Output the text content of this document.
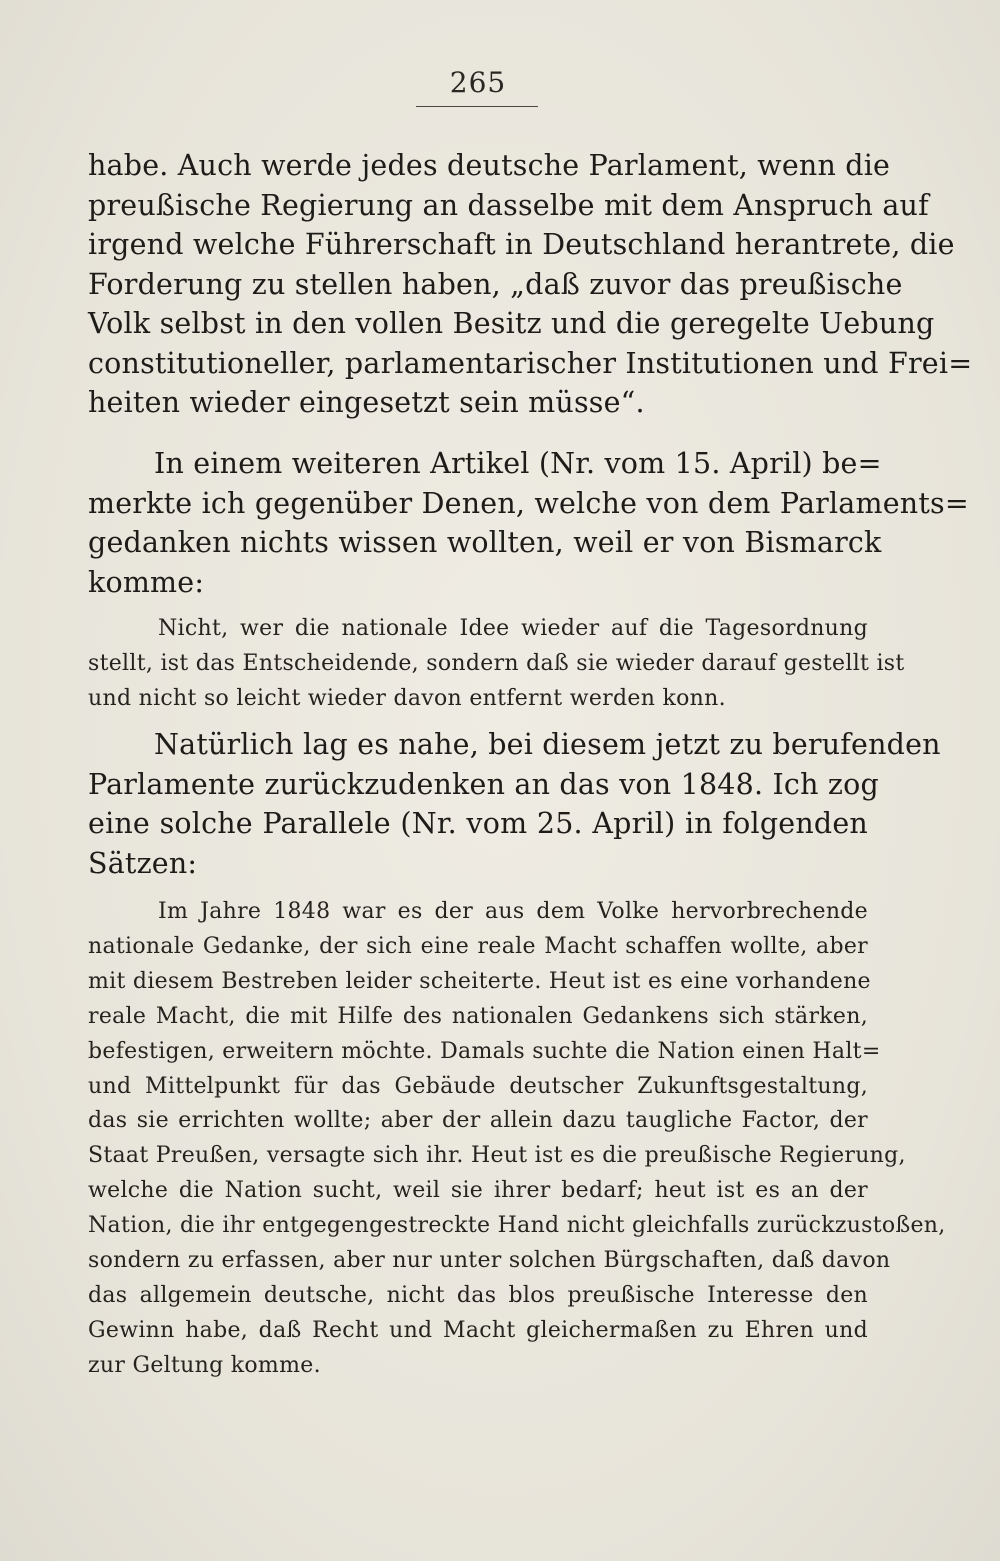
265
habe. Auch werde jedes deutsche Parlament, wenn die
preußische Regierung an dasselbe mit dem Anspruch auf
irgend welche Führerschaft in Deutschland herantrete, die
Forderung zu stellen haben, „daß zuvor das preußische
Volk selbst in den vollen Besitz und die geregelte Uebung
constitutioneller, parlamentarischer Institutionen und Frei=
heiten wieder eingesetzt sein müsse“.
In einem weiteren Artikel (Nr. vom 15. April) be=
merkte ich gegenüber Denen, welche von dem Parlaments=
gedanken nichts wissen wollten, weil er von Bismarck
komme:
Nicht, wer die nationale Idee wieder auf die Tagesordnung
stellt, ist das Entscheidende, sondern daß sie wieder darauf gestellt ist
und nicht so leicht wieder davon entfernt werden konn.
Natürlich lag es nahe, bei diesem jetzt zu berufenden
Parlamente zurückzudenken an das von 1848. Ich zog
eine solche Parallele (Nr. vom 25. April) in folgenden
Sätzen:
Im Jahre 1848 war es der aus dem Volke hervorbrechende
nationale Gedanke, der sich eine reale Macht schaffen wollte, aber
mit diesem Bestreben leider scheiterte. Heut ist es eine vorhandene
reale Macht, die mit Hilfe des nationalen Gedankens sich stärken,
befestigen, erweitern möchte. Damals suchte die Nation einen Halt=
und Mittelpunkt für das Gebäude deutscher Zukunftsgestaltung,
das sie errichten wollte; aber der allein dazu taugliche Factor, der
Staat Preußen, versagte sich ihr. Heut ist es die preußische Regierung,
welche die Nation sucht, weil sie ihrer bedarf; heut ist es an der
Nation, die ihr entgegengestreckte Hand nicht gleichfalls zurückzustoßen,
sondern zu erfassen, aber nur unter solchen Bürgschaften, daß davon
das allgemein deutsche, nicht das blos preußische Interesse den
Gewinn habe, daß Recht und Macht gleichermaßen zu Ehren und
zur Geltung komme.
